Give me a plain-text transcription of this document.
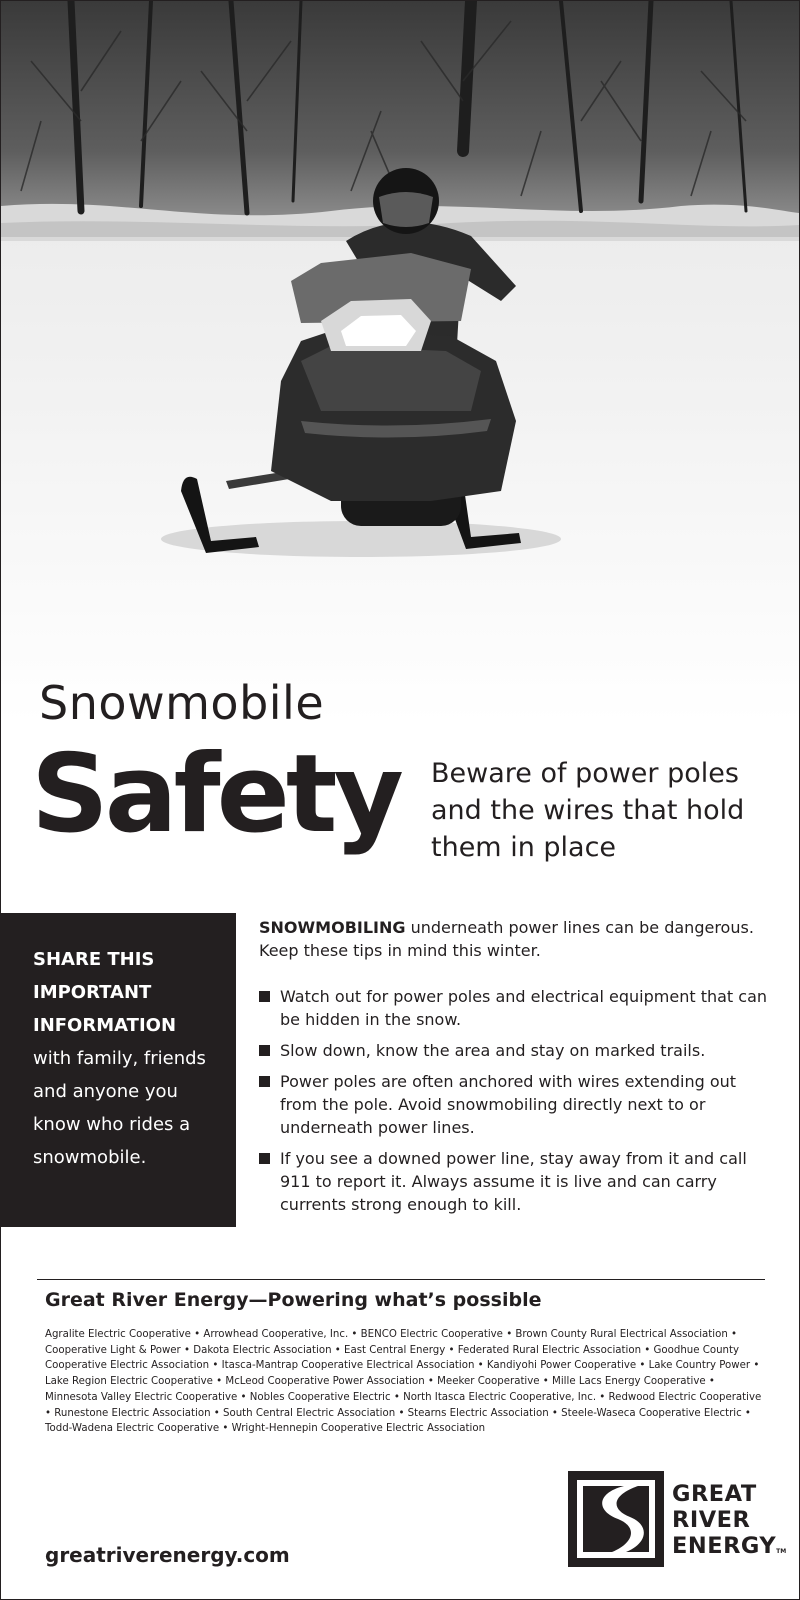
Snowmobile
Safety Beware of power poles and the wires that hold them in place
SHARE THIS
IMPORTANT
INFORMATION
with family, friends
and anyone you
know who rides a
snowmobile.
SNOWMOBILING underneath power lines can be dangerous. Keep these tips in mind this winter.
Watch out for power poles and electrical equipment that can be hidden in the snow.
Slow down, know the area and stay on marked trails.
Power poles are often anchored with wires extending out from the pole. Avoid snowmobiling directly next to or underneath power lines.
If you see a downed power line, stay away from it and call 911 to report it. Always assume it is live and can carry currents strong enough to kill.
Great River Energy—Powering what’s possible

Agralite Electric Cooperative • Arrowhead Cooperative, Inc. • BENCO Electric Cooperative • Brown County Rural Electrical Association • Cooperative Light & Power • Dakota Electric Association • East Central Energy • Federated Rural Electric Association • Goodhue County Cooperative Electric Association • Itasca-Mantrap Cooperative Electrical Association • Kandiyohi Power Cooperative • Lake Country Power • Lake Region Electric Cooperative • McLeod Cooperative Power Association • Meeker Cooperative • Mille Lacs Energy Cooperative • Minnesota Valley Electric Cooperative • Nobles Cooperative Electric • North Itasca Electric Cooperative, Inc. • Redwood Electric Cooperative • Runestone Electric Association • South Central Electric Association • Stearns Electric Association • Steele-Waseca Cooperative Electric • Todd-Wadena Electric Cooperative • Wright-Hennepin Cooperative Electric Association

greatriverenergy.com
GREAT
RIVER
ENERGYTM
